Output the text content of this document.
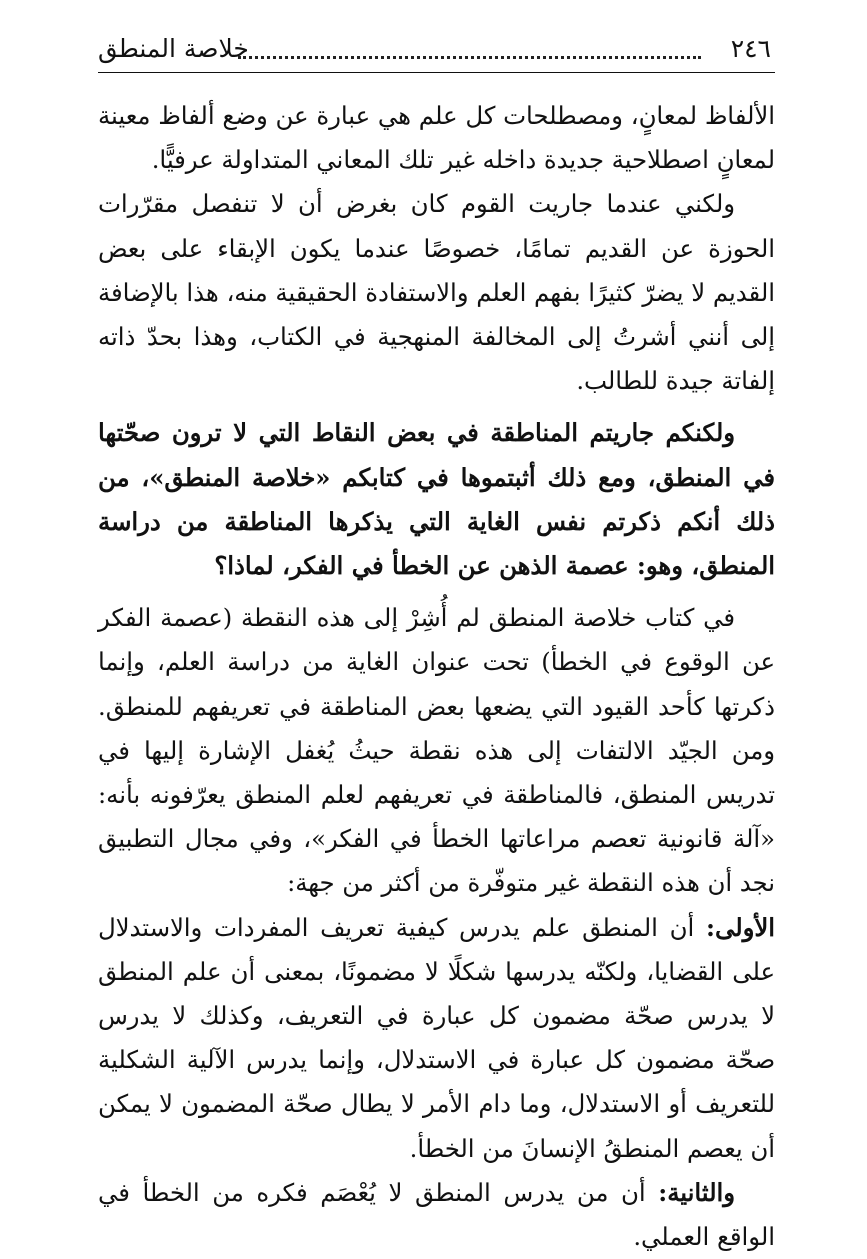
خلاصة المنطق	٢٤٦

الألفاظ لمعانٍ، ومصطلحات كل علم هي عبارة عن وضع ألفاظ معينة لمعانٍ اصطلاحية جديدة داخله غير تلك المعاني المتداولة عرفيًّا.

ولكني عندما جاريت القوم كان بغرض أن لا تنفصل مقرّرات الحوزة عن القديم تمامًا، خصوصًا عندما يكون الإبقاء على بعض القديم لا يضرّ كثيرًا بفهم العلم والاستفادة الحقيقية منه، هذا بالإضافة إلى أنني أشرتُ إلى المخالفة المنهجية في الكتاب، وهذا بحدّ ذاته إلفاتة جيدة للطالب.

ولكنكم جاريتم المناطقة في بعض النقاط التي لا ترون صحّتها في المنطق، ومع ذلك أثبتموها في كتابكم «خلاصة المنطق»، من ذلك أنكم ذكرتم نفس الغاية التي يذكرها المناطقة من دراسة المنطق، وهو: عصمة الذهن عن الخطأ في الفكر، لماذا؟

في كتاب خلاصة المنطق لم أُشِرْ إلى هذه النقطة (عصمة الفكر عن الوقوع في الخطأ) تحت عنوان الغاية من دراسة العلم، وإنما ذكرتها كأحد القيود التي يضعها بعض المناطقة في تعريفهم للمنطق. ومن الجيّد الالتفات إلى هذه نقطة حيثُ يُغفل الإشارة إليها في تدريس المنطق، فالمناطقة في تعريفهم لعلم المنطق يعرّفونه بأنه: «آلة قانونية تعصم مراعاتها الخطأ في الفكر»، وفي مجال التطبيق نجد أن هذه النقطة غير متوفّرة من أكثر من جهة:

الأولى: أن المنطق علم يدرس كيفية تعريف المفردات والاستدلال على القضايا، ولكنّه يدرسها شكلًا لا مضمونًا، بمعنى أن علم المنطق لا يدرس صحّة مضمون كل عبارة في التعريف، وكذلك لا يدرس صحّة مضمون كل عبارة في الاستدلال، وإنما يدرس الآلية الشكلية للتعريف أو الاستدلال، وما دام الأمر لا يطال صحّة المضمون لا يمكن أن يعصم المنطقُ الإنسانَ من الخطأ.

والثانية: أن من يدرس المنطق لا يُعْصَم فكره من الخطأ في الواقع العملي.
